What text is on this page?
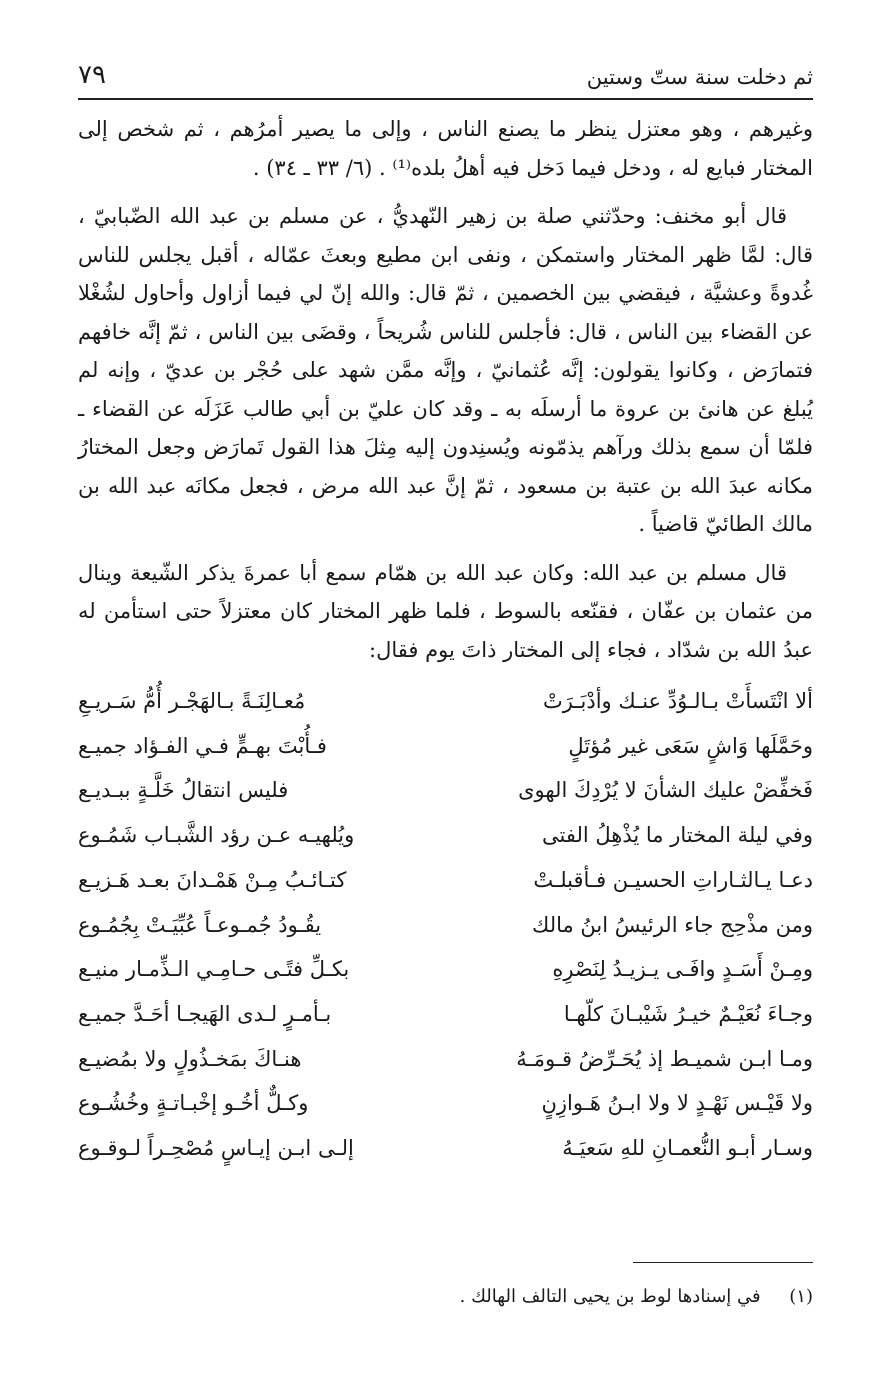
ثم دخلت سنة ستّ وستين
٧٩

وغيرهم ، وهو معتزل ينظر ما يصنع الناس ، وإلى ما يصير أمرُهم ، ثم شخص إلى المختار فبايع له ، ودخل فيما دَخل فيه أهلُ بلده⁽¹⁾ . (٦/ ٣٣ ـ ٣٤) .

قال أبو مخنف: وحدّثني صلة بن زهير النّهديُّ ، عن مسلم بن عبد الله الضّبابيّ ، قال: لمَّا ظهر المختار واستمكن ، ونفى ابن مطيع وبعثَ عمّاله ، أقبل يجلس للناس غُدوةً وعشيَّة ، فيقضي بين الخصمين ، ثمّ قال: والله إنّ لي فيما أزاول وأحاول لشُغْلا عن القضاء بين الناس ، قال: فأجلس للناس شُريحاً ، وقضَى بين الناس ، ثمّ إنَّه خافهم فتمارَض ، وكانوا يقولون: إنَّه عُثمانيّ ، وإنَّه ممَّن شهد على حُجْر بن عديّ ، وإنه لم يُبلغ عن هانئ بن عروة ما أرسلَه به ـ وقد كان عليّ بن أبي طالب عَزَلَه عن القضاء ـ فلمّا أن سمع بذلك ورآهم يذمّونه ويُسنِدون إليه مِثلَ هذا القول تَمارَض وجعل المختارُ مكانه عبدَ الله بن عتبة بن مسعود ، ثمّ إنَّ عبد الله مرض ، فجعل مكانَه عبد الله بن مالك الطائيّ قاضياً .

قال مسلم بن عبد الله: وكان عبد الله بن همّام سمع أبا عمرةَ يذكر الشّيعة وينال من عثمان بن عفّان ، فقنّعه بالسوط ، فلما ظهر المختار كان معتزلاً حتى استأمن له عبدُ الله بن شدّاد ، فجاء إلى المختار ذاتَ يوم فقال:

ألا انْتَسأَتْ بـالـوُدِّ عنـك وأدْبَـرَتْ
مُعـالِنَـةً بـالهَجْـر أُمُّ سَـريـعِ
وحَمَّلَها وَاشٍ سَعَى غير مُؤتَلٍ
فـأُبْتَ بهـمٍّ فـي الفـؤاد جميـع
فَخفِّضْ عليك الشأنَ لا يُرْدِكَ الهوى
فليس انتقالُ خَلَّـةٍ ببـديـع
وفي ليلة المختار ما يُذْهِلُ الفتى
ويُلهيـه عـن رؤد الشَّبـاب شَمُـوع
دعـا يـالثـاراتِ الحسيـن فـأقبلـتْ
كتـائـبُ مِـنْ هَمْـدانَ بعـد هَـزيـع
ومن مذْحِج جاء الرئيسُ ابنُ مالك
يقُـودُ جُمـوعـاً عُبِّيَـتْ بِجُمُـوع
ومِـنْ أَسَـدٍ وافَـى يـزيـدُ لِنَصْرِهِ
بكـلِّ فتًـى حـامِـي الـذِّمـار منيـع
وجـاءَ نُعَيْـمٌ خيـرُ شَيْبـانَ كلّهـا
بـأمـرٍ لـدى الهَيجـا أحَـدَّ جميـع
ومـا ابـن شميـط إذ يُحَـرِّضُ قـومَـهُ
هنـاكَ بمَخـذُولٍ ولا بمُضيـع
ولا قَيْـس نَهْـدٍ لا ولا ابـنُ هَـوازِنٍ
وكـلٌّ أخُـو إخْبـاتـةٍ وخُشُـوع
وسـار أبـو النُّعمـانِ للهِ سَعيَـهُ
إلـى ابـن إيـاسٍ مُصْحِـراً لـوقـوع
(١)     في إسنادها لوط بن يحيى التالف الهالك .
